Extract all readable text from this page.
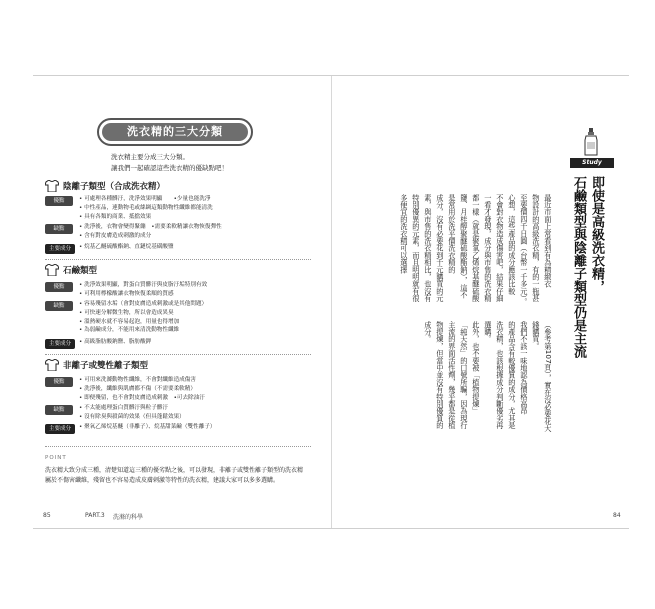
洗衣精的三大分類
洗衣精主要分成三大分類。
讓我們一起確認這些洗衣精的優缺點吧！
陰離子類型（合成洗衣精）
優點	• 可處理各種髒汙，洗淨效果明顯　　•少量也能洗淨
• 中性產品，連動物毛或絲綢這類動物性纖維都能清洗
• 具有各類的商業、抵擋效果
缺點	• 洗淨後，衣物會變得緊繃　•需要柔軟精讓衣物恢復彈性
• 含有對皮膚造成刺激的成分
主要成分	• 烷基乙醚硫酸酯鈉、直鏈烷基磺酸鹽
石鹼類型
優點	• 洗淨效果明顯，對蛋白質髒汙與皮脂汙垢特別有效
• 可利用檸檬酸讓衣物恢復柔順的質感
缺點	• 容易殘留水垢（會對皮膚造成刺激或是其他問題）
• 可快速分解微生物，所以會造成異臭
• 溫熱硬水就不容易起泡，用量也得增加
• 為弱鹼成分，不能用來清洗動物性纖維
主要成分	• 高級脂肪酸鈉鹽、脂肪酸鉀
非離子或雙性離子類型
優點	• 可用來洗滌動物性纖維，不會對纖維造成傷害
• 洗淨後，纖維與肌膚都不傷（不需要柔軟精）
• 即便殘留，也不會對皮膚造成刺激　•可去除油汙
缺點	• 不太能處理蛋白質髒汙與粒子髒汙
• 沒有除臭與殺菌的效果（但具蓬鬆效果）
主要成分	• 聚氧乙烯烷基醚（非離子）、烷基甜菜鹼（雙性離子）
POINT
洗衣精大致分成三種，清楚知道這三種的優劣點之後，可以發現，非離子或雙性離子類型的洗衣精屬於不傷害纖維，殘留也不容易造成皮膚刺激等特性的洗衣精，建議大家可以多多選購。
85	PART.3 洗滌的科學
Study
即使是高級洗衣精，
石鹼類型與陰離子類型仍是主流
最近市面上常看到有為精緻衣
物設計的高級洗衣精，有的一瓶甚
至要價四千日圓（台幣一千多元）。
心想，這些產品的成分應該比較
不會對衣物造成傷害吧，結果仔細
一看才發現，成分與市售的洗衣精
都一樣（就是聚氧乙烯烷基醚硫酸
鹽、月桂醇聚醚硫酸酯鈉），這不
是常用於洗平價洗衣精的
成分，沒有必要花到千元購買的元
素，與市售的洗衣精相比，也沒有
特別優異的元素，而且明明就有很
多便宜的洗衣精可以選擇
（參考第107頁），實在沒必要花大
錢購買。
我們不該一味地認為價格高昂
的產品含有較優質的成分，尤其是
洗衣精，也該根據成分判斷優劣再
選購。
此外，也不要被「植物提煉」
「純天然」的口號所騙，因為現行
主流的界面活性劑，幾乎都是從植
物提煉，但當中並沒有特別優質的
成分。
84
